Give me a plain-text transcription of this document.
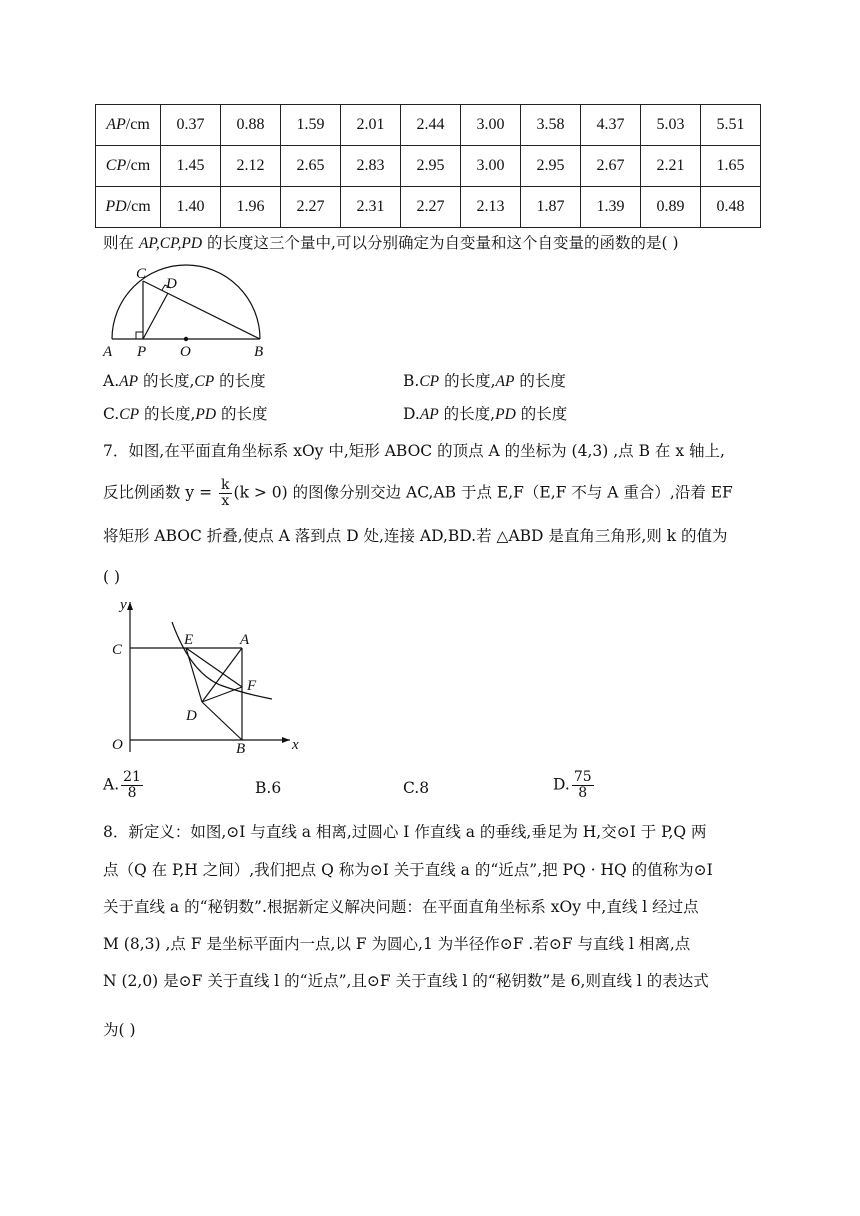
AP/cm	0.37	0.88	1.59	2.01	2.44	3.00	3.58	4.37	5.03	5.51
CP/cm	1.45	2.12	2.65	2.83	2.95	3.00	2.95	2.67	2.21	1.65
PD/cm	1.40	1.96	2.27	2.31	2.27	2.13	1.87	1.39	0.89	0.48
则在 AP,CP,PD 的长度这三个量中,可以分别确定为自变量和这个自变量的函数的是( )
C
D
A P O	B
A.AP 的长度,CP 的长度	B.CP 的长度,AP 的长度
C.CP 的长度,PD 的长度	D.AP 的长度,PD 的长度
7．如图,在平面直角坐标系 xOy 中,矩形 ABOC 的顶点 A 的坐标为 (4,3) ,点 B 在 x 轴上,
反比例函数 $y = \frac{k}{x} (k > 0)$ 的图像分别交边 AC,AB 于点 E,F（E,F 不与 A 重合）,沿着 EF
将矩形 ABOC 折叠,使点 A 落到点 D 处,连接 AD,BD.若 △ABD 是直角三角形,则 k 的值为
( )
y
x
C
E	A
F
D
O	B
A. $\frac{21}{8}$	B.6	C.8	D. $\frac{75}{8}$
8．新定义：如图,⊙I 与直线 a 相离,过圆心 I 作直线 a 的垂线,垂足为 H,交⊙I 于 P,Q 两
点（Q 在 P,H 之间）,我们把点 Q 称为⊙I 关于直线 a 的“近点”,把 PQ · HQ 的值称为⊙I
关于直线 a 的“秘钥数”.根据新定义解决问题：在平面直角坐标系 xOy 中,直线 l 经过点
M (8,3) ,点 F 是坐标平面内一点,以 F 为圆心,1 为半径作⊙F .若⊙F 与直线 l 相离,点
N (2,0) 是⊙F 关于直线 l 的“近点”,且⊙F 关于直线 l 的“秘钥数”是 6,则直线 l 的表达式
为( )
